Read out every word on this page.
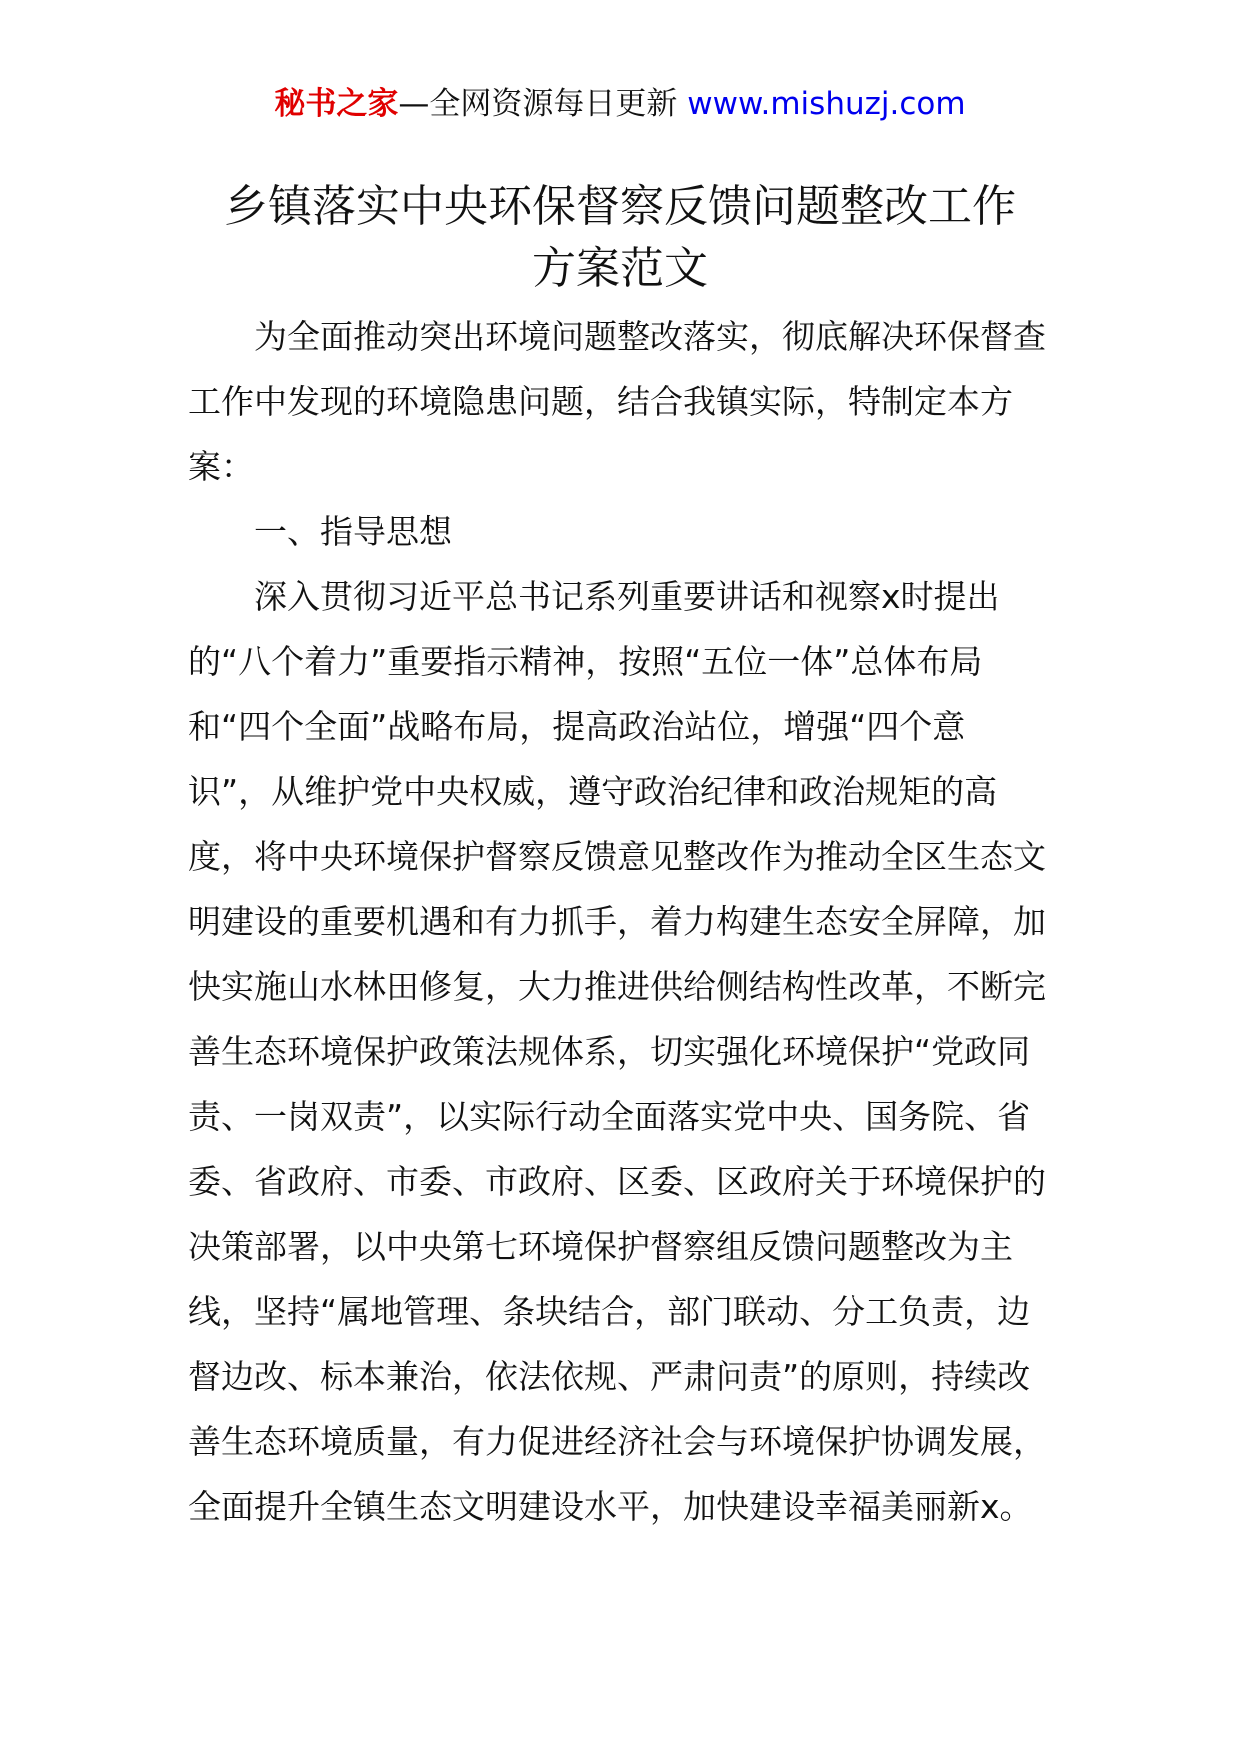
秘书之家—全网资源每日更新 www.mishuzj.com
乡镇落实中央环保督察反馈问题整改工作
方案范文

为全面推动突出环境问题整改落实，彻底解决环保督查工作中发现的环境隐患问题，结合我镇实际，特制定本方案：

一、指导思想

深入贯彻习近平总书记系列重要讲话和视察x时提出的“八个着力”重要指示精神，按照“五位一体”总体布局和“四个全面”战略布局，提高政治站位，增强“四个意识”，从维护党中央权威，遵守政治纪律和政治规矩的高度，将中央环境保护督察反馈意见整改作为推动全区生态文明建设的重要机遇和有力抓手，着力构建生态安全屏障，加快实施山水林田修复，大力推进供给侧结构性改革，不断完善生态环境保护政策法规体系，切实强化环境保护“党政同责、一岗双责”，以实际行动全面落实党中央、国务院、省委、省政府、市委、市政府、区委、区政府关于环境保护的决策部署，以中央第七环境保护督察组反馈问题整改为主线，坚持“属地管理、条块结合，部门联动、分工负责，边督边改、标本兼治，依法依规、严肃问责”的原则，持续改善生态环境质量，有力促进经济社会与环境保护协调发展，全面提升全镇生态文明建设水平，加快建设幸福美丽新x。
